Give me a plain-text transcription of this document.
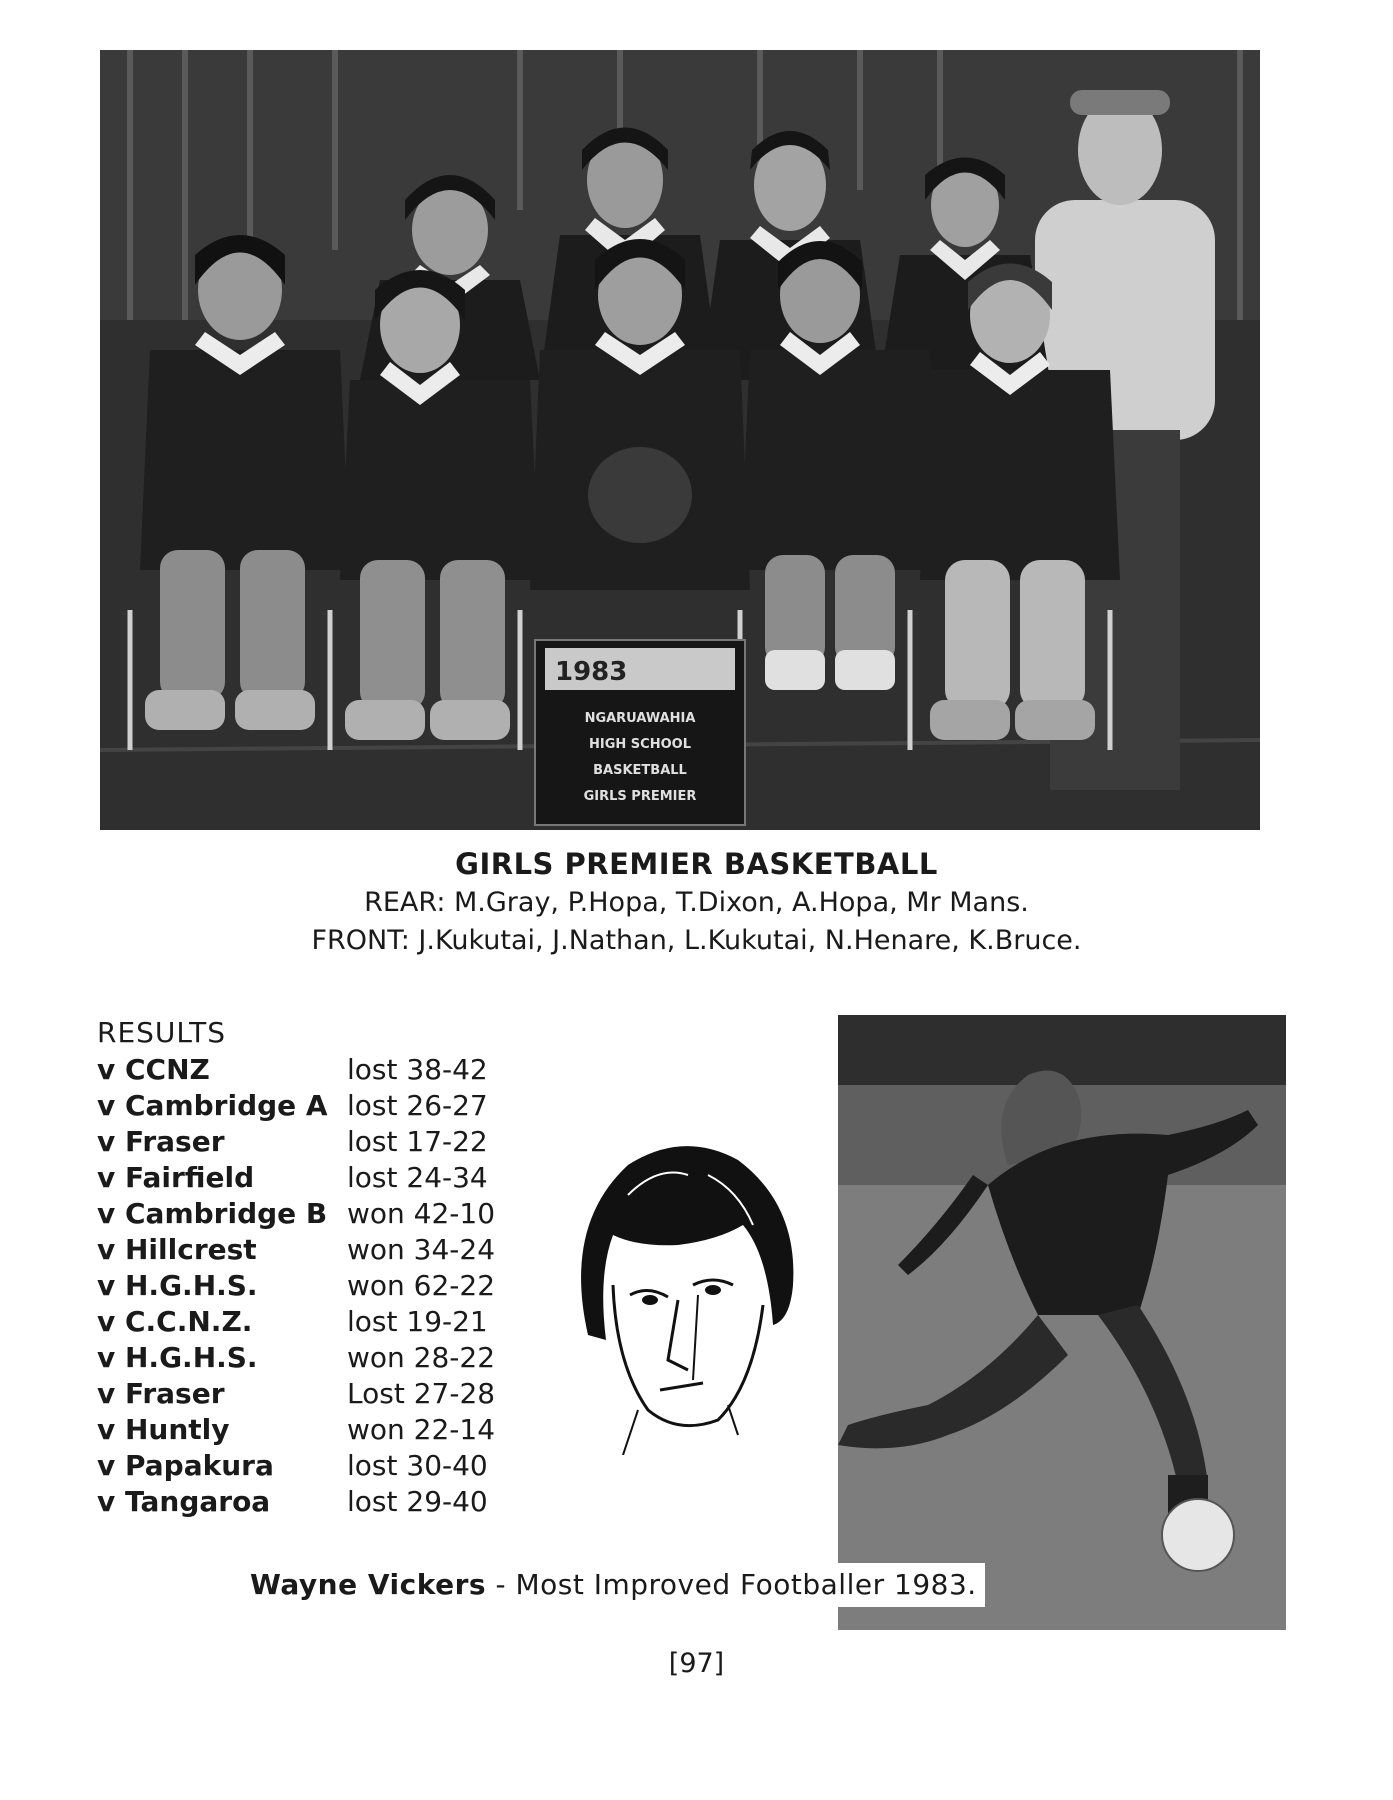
1983
NGARUAWAHIA
HIGH SCHOOL
BASKETBALL
GIRLS PREMIER
GIRLS PREMIER BASKETBALL
REAR: M.Gray, P.Hopa, T.Dixon, A.Hopa, Mr Mans.
FRONT: J.Kukutai, J.Nathan, L.Kukutai, N.Henare, K.Bruce.
RESULTS
v CCNZ	lost 38-42
v Cambridge A lost 26-27
v Fraser	lost 17-22
v Fairfield	lost 24-34
v Cambridge B won 42-10
v Hillcrest	won 34-24
v H.G.H.S.	won 62-22
v C.C.N.Z.	lost 19-21
v H.G.H.S.	won 28-22
v Fraser	Lost 27-28
v Huntly	won 22-14
v Papakura	lost 30-40
v Tangaroa	lost 29-40
Wayne Vickers - Most Improved Footballer 1983.
[97]
